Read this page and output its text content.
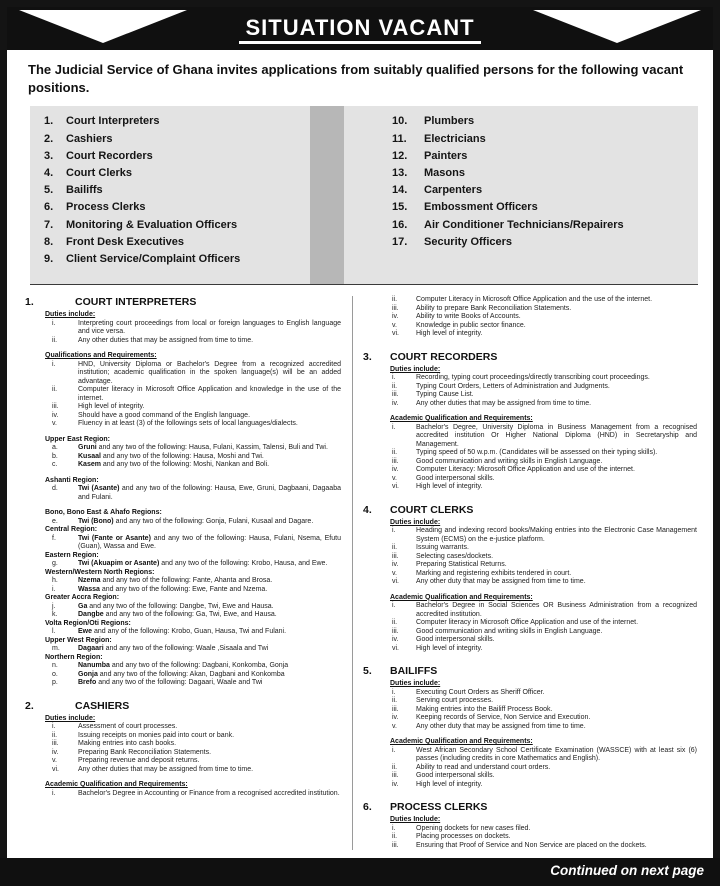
SITUATION VACANT
The Judicial Service of Ghana invites applications from suitably qualified persons for the following vacant positions.
1.	Court Interpreters
2.	Cashiers
3.	Court Recorders
4.	Court Clerks
5.	Bailiffs
6.	Process Clerks
7.	Monitoring & Evaluation Officers
8.	Front Desk Executives
9.	Client Service/Complaint Officers
10.	Plumbers
11.	Electricians
12.	Painters
13.	Masons
14.	Carpenters
15.	Embossment Officers
16.	Air Conditioner Technicians/Repairers
17.	Security Officers
1.	COURT INTERPRETERS
Duties include:
i.	Interpreting court proceedings from local or foreign languages to English language and vice versa.
ii.	Any other duties that may be assigned from time to time.
Qualifications and Requirements:
i.	HND, University Diploma or Bachelor's Degree from a recognized accredited institution; academic qualification in the spoken language(s) will be an added advantage.
ii.	Computer literacy in Microsoft Office Application and knowledge in the use of the internet.
iii.	High level of integrity.
iv.	Should have a good command of the English language.
v.	Fluency in at least (3) of the followings sets of local languages/dialects.
Upper East Region:
a.	Gruni and any two of the following: Hausa, Fulani, Kassim, Talensi, Buli and Twi.
b.	Kusaal and any two of the following: Hausa, Moshi and Twi.
c.	Kasem and any two of the following: Moshi, Nankan and Boli.
Ashanti Region:
d.	Twi (Asante) and any two of the following: Hausa, Ewe, Gruni, Dagbaani, Dagaaba and Fulani.
Bono, Bono East & Ahafo Regions:
e.	Twi (Bono) and any two of the following: Gonja, Fulani, Kusaal and Dagare.
Central Region:
f.	Twi (Fante or Asante) and any two of the following: Hausa, Fulani, Nsema, Efutu (Guan), Wassa and Ewe.
Eastern Region:
g.	Twi (Akuapim or Asante) and any two of the following: Krobo, Hausa, and Ewe.
Western/Western North Regions:
h.	Nzema and any two of the following: Fante, Ahanta and Brosa.
i.	Wassa and any two of the following: Ewe, Fante and Nzema.
Greater Accra Region:
j.	Ga and any two of the following: Dangbe, Twi, Ewe and Hausa.
k.	Dangbe and any two of the following: Ga, Twi, Ewe, and Hausa.
Volta Region/Oti Regions:
l.	Ewe and any of the following: Krobo, Guan, Hausa, Twi and Fulani.
Upper West Region:
m.	Dagaari and any two of the following: Waale ,Sisaala and Twi
Northern Region:
n.	Nanumba and any two of the following: Dagbani, Konkomba, Gonja
o.	Gonja and any two of the following: Akan, Dagbani and Konkomba
p.	Brefo and any two of the following: Dagaari, Waale and Twi
2.	CASHIERS
Duties include:
i.	Assessment of court processes.
ii.	Issuing receipts on monies paid into court or bank.
iii.	Making entries into cash books.
iv.	Preparing Bank Reconciliation Statements.
v.	Preparing revenue and deposit returns.
vi.	Any other duties that may be assigned from time to time.
Academic Qualification and Requirements:
i.	Bachelor's Degree in Accounting or Finance from a recognised accredited institution.
ii.	Computer Literacy in Microsoft Office Application and the use of the internet.
iii.	Ability to prepare Bank Reconciliation Statements.
iv.	Ability to write Books of Accounts.
v.	Knowledge in public sector finance.
vi.	High level of integrity.
3.	COURT RECORDERS
Duties include:
i.	Recording, typing court proceedings/directly transcribing court proceedings.
ii.	Typing Court Orders, Letters of Administration and Judgments.
iii.	Typing Cause List.
iv.	Any other duties that may be assigned from time to time.
Academic Qualification and Requirements:
i.	Bachelor's Degree, University Diploma in Business Management from a recognised accredited institution Or Higher National Diploma (HND) in Secretaryship and Management.
ii.	Typing speed of 50 w.p.m. (Candidates will be assessed on their typing skills).
iii.	Good communication and writing skills in English Language.
iv.	Computer Literacy: Microsoft Office Application and use of the internet.
v.	Good interpersonal skills.
vi.	High level of integrity.
4.	COURT CLERKS
Duties include:
i.	Heading and indexing record books/Making entries into the Electronic Case Management System (ECMS) on the e-justice platform.
ii.	Issuing warrants.
iii.	Selecting cases/dockets.
iv.	Preparing Statistical Returns.
v.	Marking and registering exhibits tendered in court.
vi.	Any other duty that may be assigned from time to time.
Academic Qualification and Requirements:
i.	Bachelor's Degree in Social Sciences OR Business Administration from a recognized accredited institution.
ii.	Computer literacy in Microsoft Office Application and use of the internet.
iii.	Good communication and writing skills in English Language.
iv.	Good interpersonal skills.
vi.	High level of integrity.
5.	BAILIFFS
Duties include:
i.	Executing Court Orders as Sheriff Officer.
ii.	Serving court processes.
iii.	Making entries into the Bailiff Process Book.
iv.	Keeping records of Service, Non Service and Execution.
v.	Any other duty that may be assigned from time to time.
Academic Qualification and Requirements:
i.	West African Secondary School Certificate Examination (WASSCE) with at least six (6) passes (including credits in core Mathematics and English).
ii.	Ability to read and understand court orders.
iii.	Good interpersonal skills.
iv.	High level of integrity.
6.	PROCESS CLERKS
Duties Include:
i.	Opening dockets for new cases filed.
ii.	Placing processes on dockets.
iii.	Ensuring that Proof of Service and Non Service are placed on the dockets.
Continued on next page
